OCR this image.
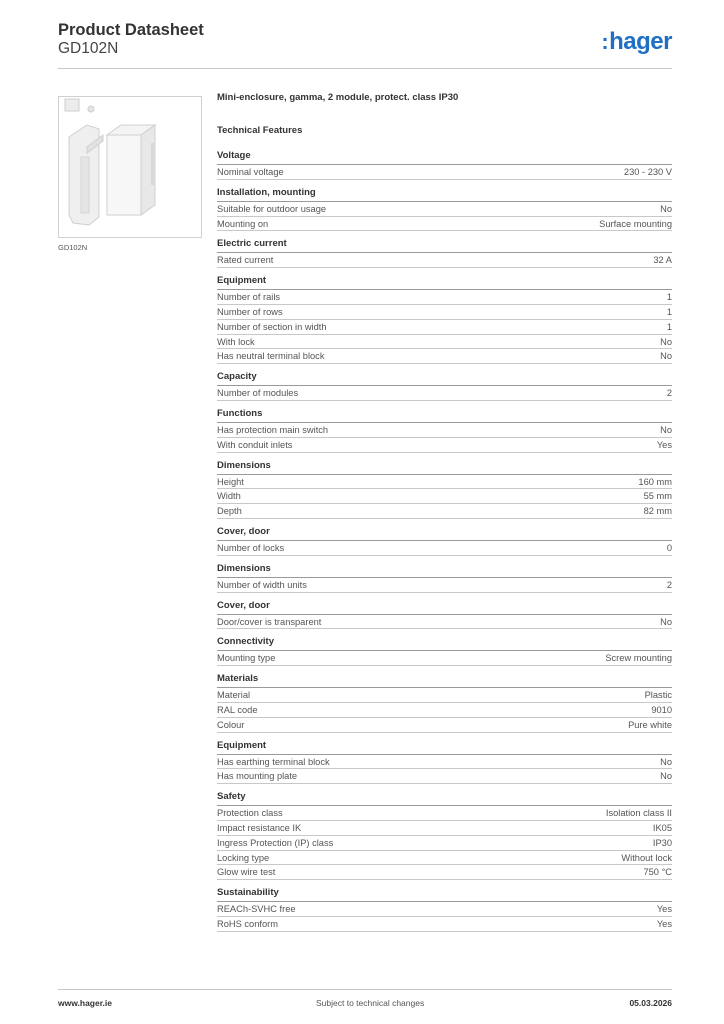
Product Datasheet
GD102N	:hager
GD102N
Mini-enclosure, gamma, 2 module, protect. class IP30
Technical Features
Voltage
Nominal voltage	230 - 230 V
Installation, mounting
Suitable for outdoor usage	No
Mounting on	Surface mounting
Electric current
Rated current	32 A
Equipment
Number of rails	1
Number of rows	1
Number of section in width	1
With lock	No
Has neutral terminal block	No
Capacity
Number of modules	2
Functions
Has protection main switch	No
With conduit inlets	Yes
Dimensions
Height	160 mm
Width	55 mm
Depth	82 mm
Cover, door
Number of locks	0
Dimensions
Number of width units	2
Cover, door
Door/cover is transparent	No
Connectivity
Mounting type	Screw mounting
Materials
Material	Plastic
RAL code	9010
Colour	Pure white
Equipment
Has earthing terminal block	No
Has mounting plate	No
Safety
Protection class	Isolation class II
Impact resistance IK	IK05
Ingress Protection (IP) class	IP30
Locking type	Without lock
Glow wire test	750 °C
Sustainability
REACh-SVHC free	Yes
RoHS conform	Yes
www.hager.ie	Subject to technical changes	05.03.2026
